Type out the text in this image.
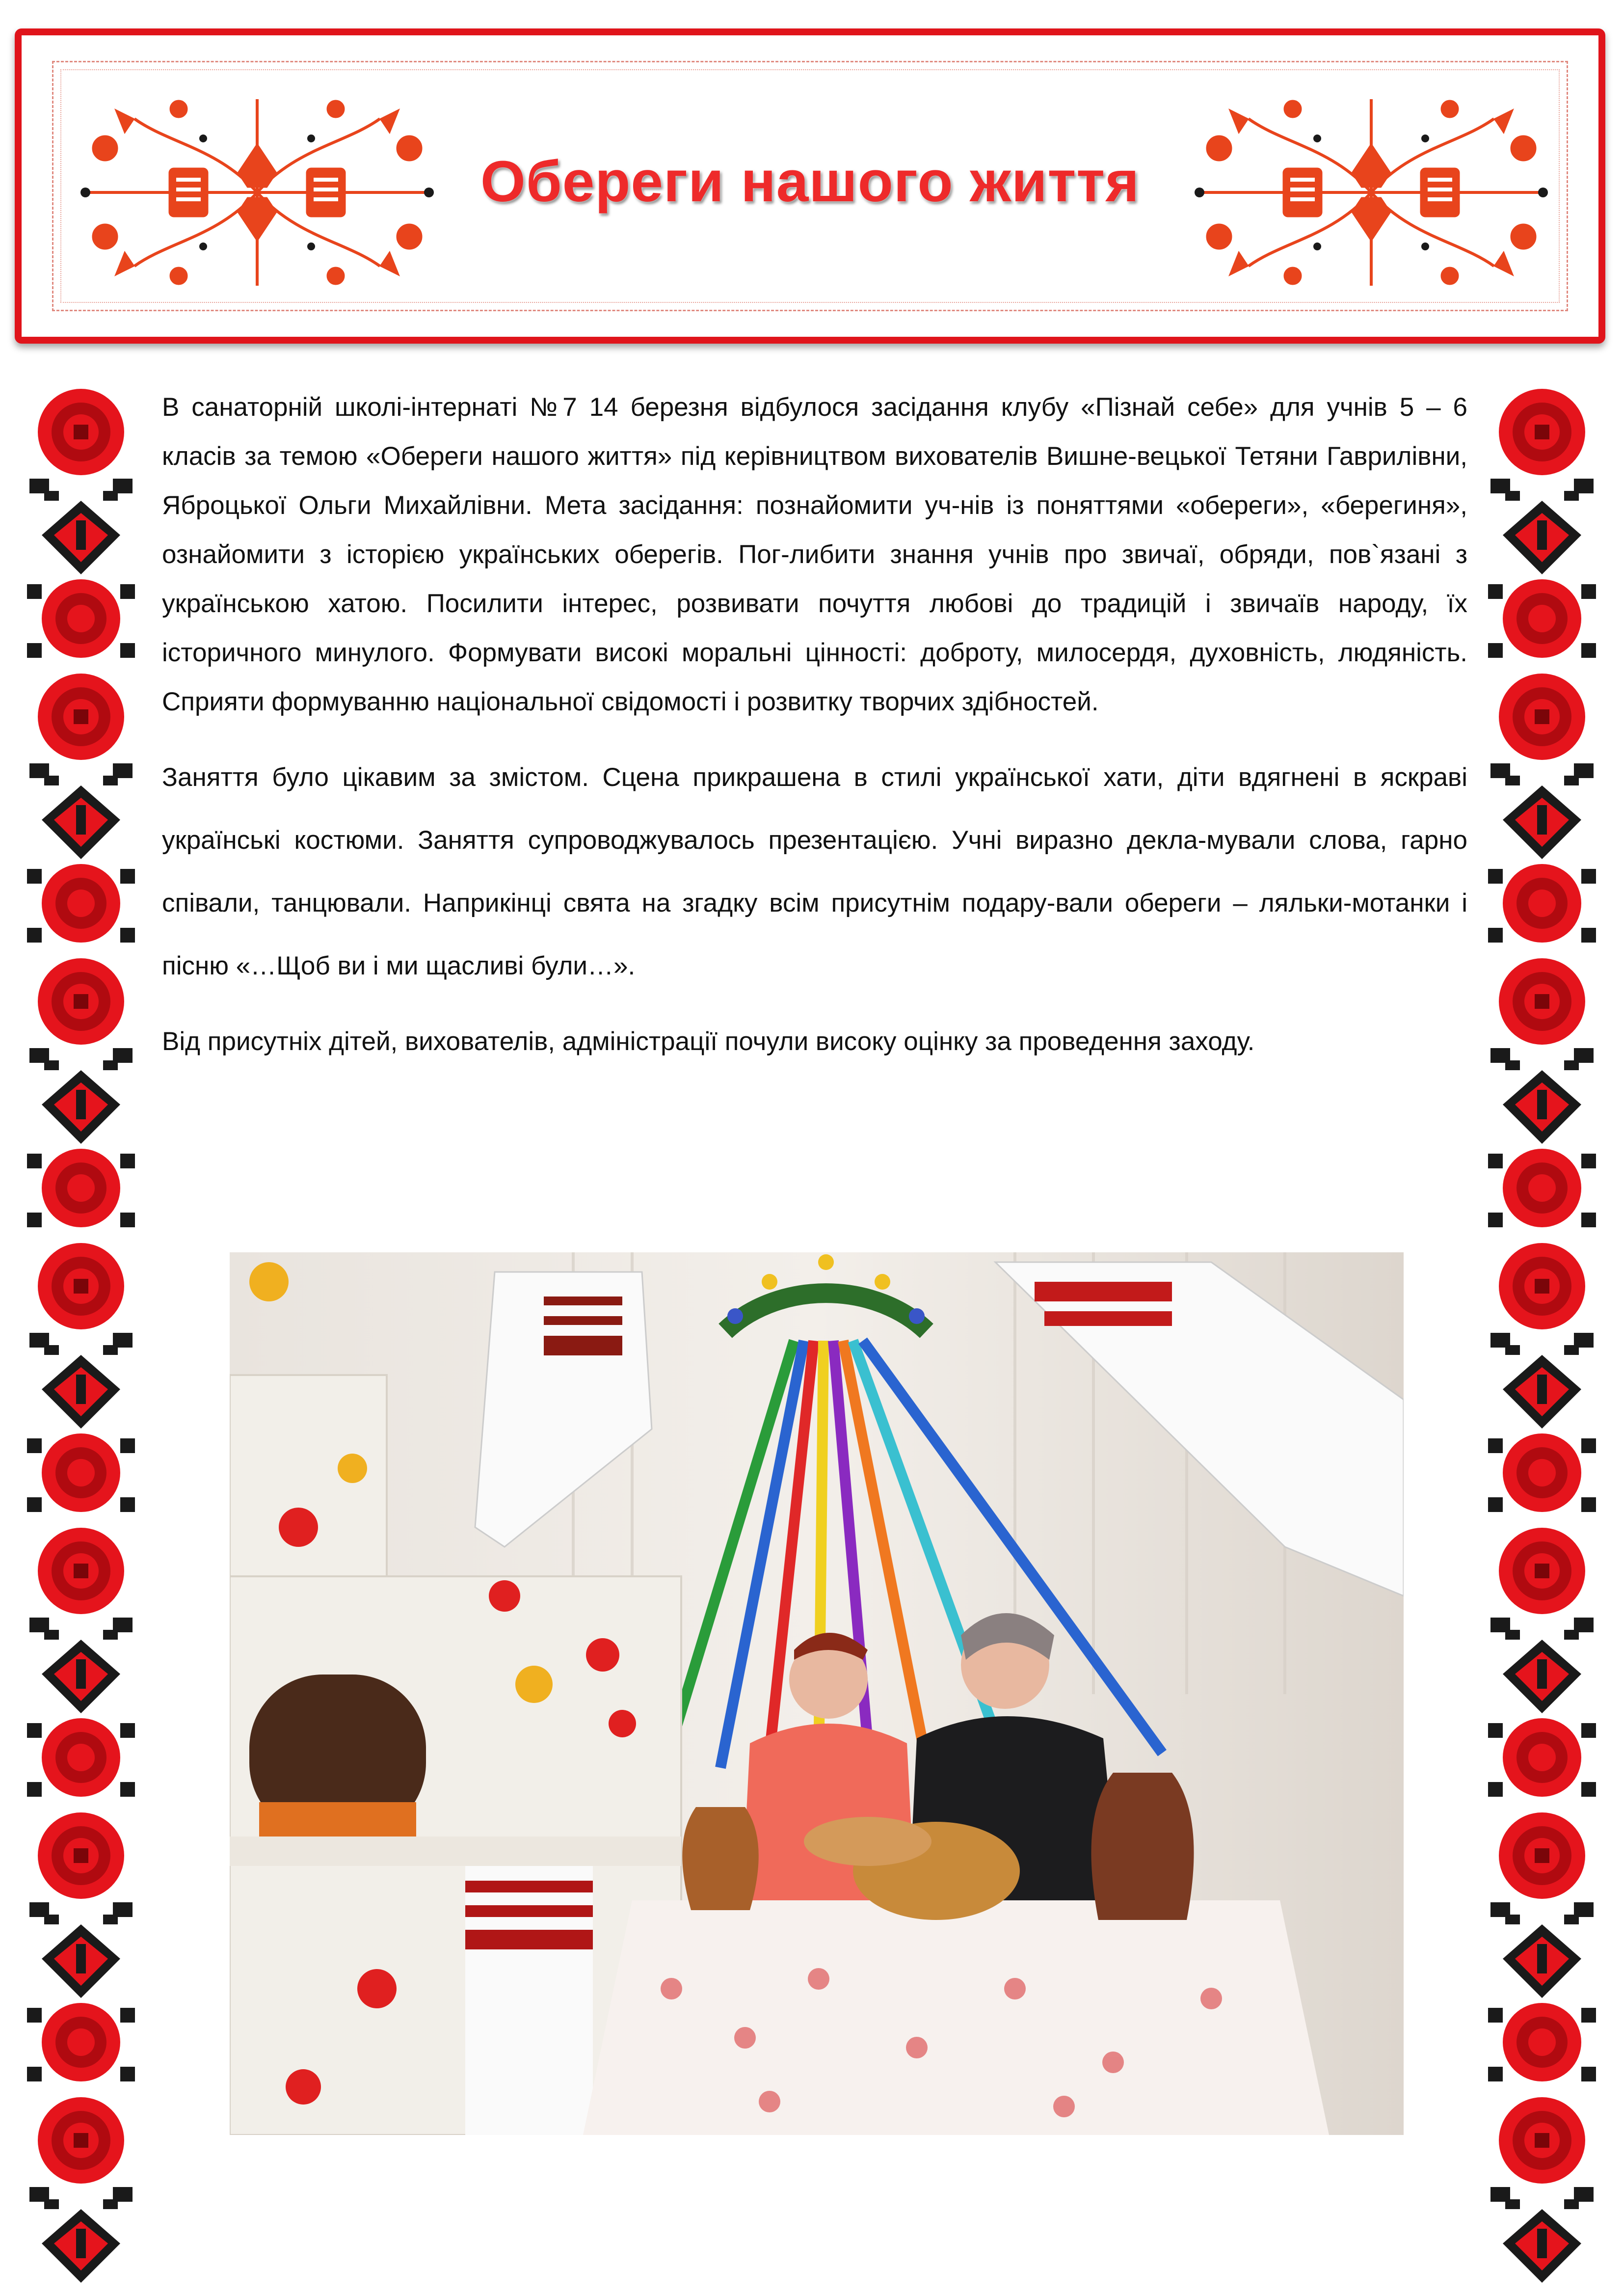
Обереги нашого життя

В санаторній школі-інтернаті №7 14 березня відбулося засідання клубу «Пізнай себе» для учнів 5 – 6 класів за темою «Обереги нашого життя» під керівництвом вихователів Вишне-вецької Тетяни Гаврилівни, Яброцької Ольги Михайлівни. Мета засідання: познайомити уч-нів із поняттями «обереги», «берегиня», ознайомити з історією українських оберегів. Пог-либити знання учнів про звичаї, обряди, пов`язані з українською хатою. Посилити інтерес, розвивати почуття любові до традицій і звичаїв народу, їх історичного минулого. Формувати високі моральні цінності: доброту, милосердя, духовність, людяність. Сприяти формуванню національної свідомості і розвитку творчих здібностей.

Заняття було цікавим за змістом. Сцена прикрашена в стилі української хати, діти вдягнені в яскраві українські костюми. Заняття супроводжувалось презентацією. Учні виразно декла-мували слова, гарно співали, танцювали. Наприкінці свята на згадку всім присутнім подару-вали обереги – ляльки-мотанки і пісню «…Щоб ви і ми щасливі були…».

Від присутніх дітей, вихователів, адміністрації почули високу оцінку за проведення заходу.
